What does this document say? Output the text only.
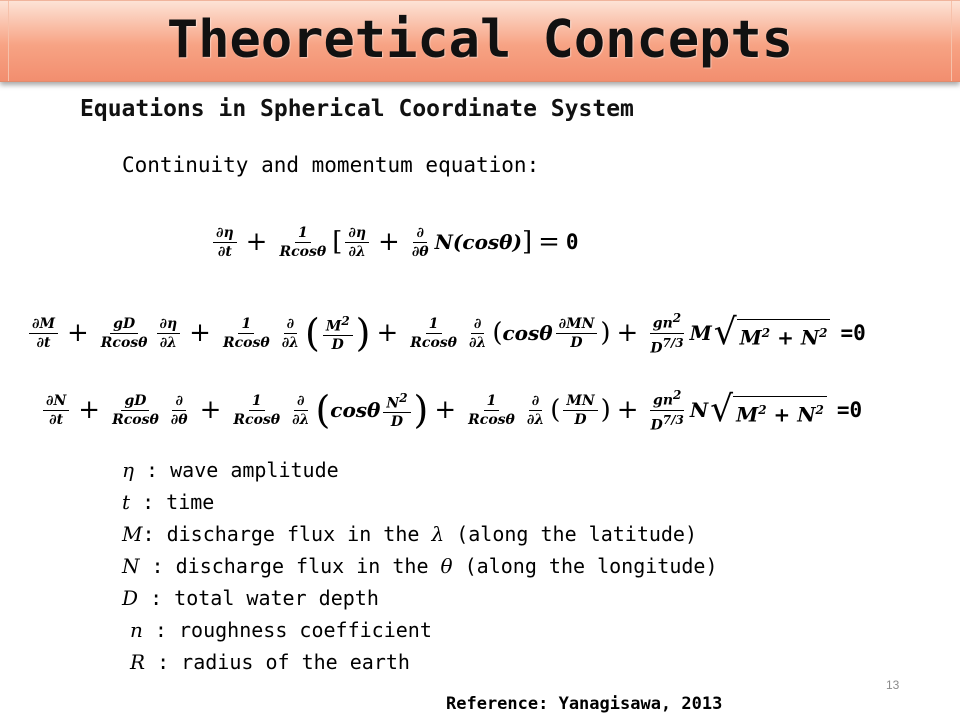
Theoretical Concepts
Equations in Spherical Coordinate System
Continuity and momentum equation:
$\frac{\partial\eta}{\partial t} + \frac{1}{Rcos\theta}$ [ $\frac{\partial\eta}{\partial\lambda} + \frac{\partial}{\partial\theta} N(\cos\theta)$ ] = 0
$\frac{\partial M}{\partial t} + \frac{gD}{Rcos\theta} \frac{\partial\eta}{\partial\lambda} + \frac{1}{Rcos\theta} \frac{\partial}{\partial\lambda}$ ( $\frac{M^2}{D}$ ) + $\frac{1}{Rcos\theta} \frac{\partial}{\partial\lambda}$ ( cosθ $\frac{\partial MN}{D}$ ) + $\frac{gn^2}{D^{7/3}}$ M √ $M^2 + N^2 =0$
$\frac{\partial N}{\partial t} + \frac{gD}{Rcos\theta} \frac{\partial}{\partial\theta} + \frac{1}{Rcos\theta} \frac{\partial}{\partial\lambda}$ ( cosθ $\frac{N^2}{D}$ ) + $\frac{1}{Rcos\theta} \frac{\partial}{\partial\lambda}$ ( $\frac{MN}{D}$ ) + $\frac{gn^2}{D^{7/3}}$ N √ $M^2 + N^2 =0$
η : wave amplitude
t : time
M: discharge flux in the λ (along the latitude)
N : discharge flux in the θ (along the longitude)
D : total water depth
n : roughness coefficient
R : radius of the earth
13
Reference: Yanagisawa, 2013
